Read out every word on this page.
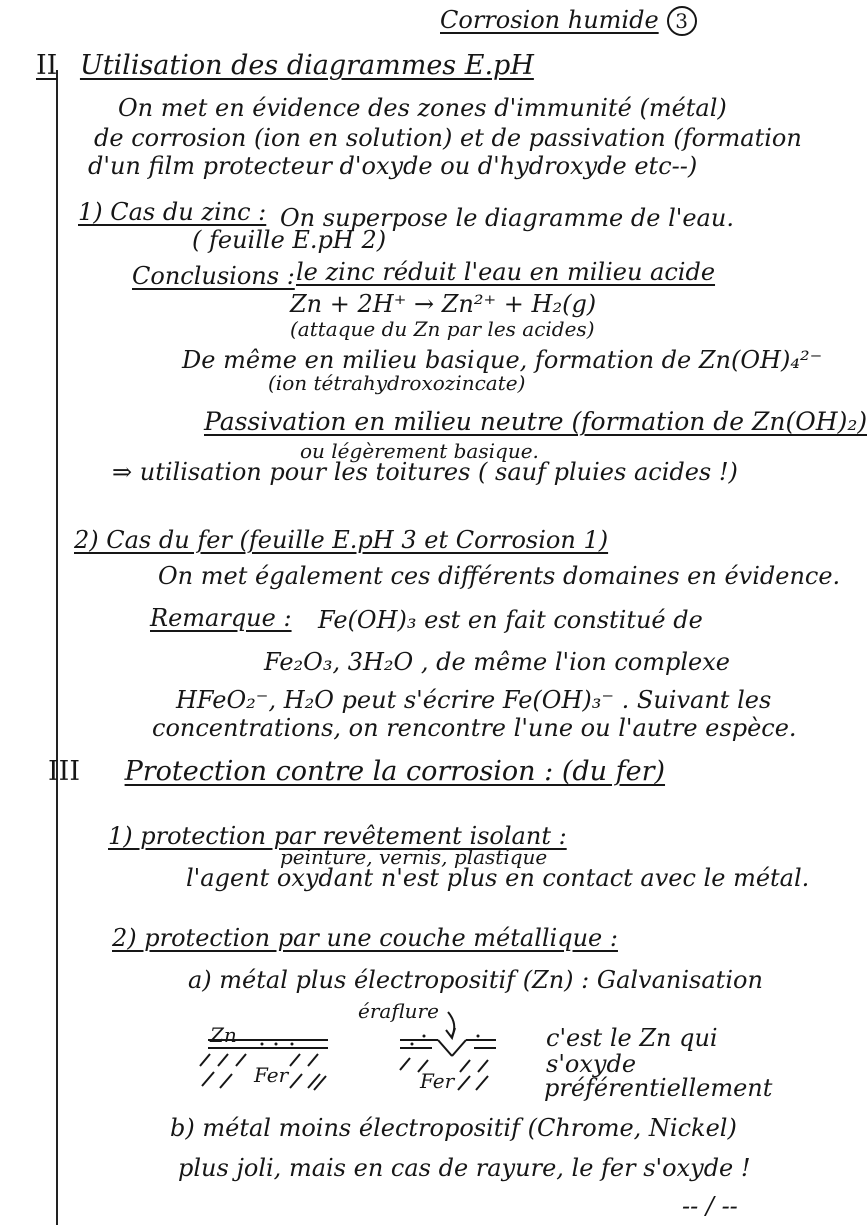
Corrosion humide 3
II Utilisation des diagrammes E.pH
On met en évidence des zones d'immunité (métal)
de corrosion (ion en solution) et de passivation (formation
d'un film protecteur d'oxyde ou d'hydroxyde etc--)
1) Cas du zinc : On superpose le diagramme de l'eau.
( feuille E.pH 2)
Conclusions : le zinc réduit l'eau en milieu acide
Zn + 2H⁺ → Zn²⁺ + H₂(g)
(attaque du Zn par les acides)
De même en milieu basique, formation de Zn(OH)₄²⁻
(ion tétrahydroxozincate)
Passivation en milieu neutre (formation de Zn(OH)₂)
ou légèrement basique.
⇒ utilisation pour les toitures ( sauf pluies acides !)
2) Cas du fer (feuille E.pH 3 et Corrosion 1)
On met également ces différents domaines en évidence.
Remarque : Fe(OH)₃ est en fait constitué de
Fe₂O₃, 3H₂O , de même l'ion complexe
HFeO₂⁻, H₂O peut s'écrire Fe(OH)₃⁻ . Suivant les
concentrations, on rencontre l'une ou l'autre espèce.
III Protection contre la corrosion : (du fer)
1) protection par revêtement isolant :
peinture, vernis, plastique
l'agent oxydant n'est plus en contact avec le métal.
2) protection par une couche métallique :
a) métal plus électropositif (Zn) : Galvanisation
éraflure
Zn
Fer	Fer
c'est le Zn qui
s'oxyde
préférentiellement
b) métal moins électropositif (Chrome, Nickel)
plus joli, mais en cas de rayure, le fer s'oxyde !
-- / --
